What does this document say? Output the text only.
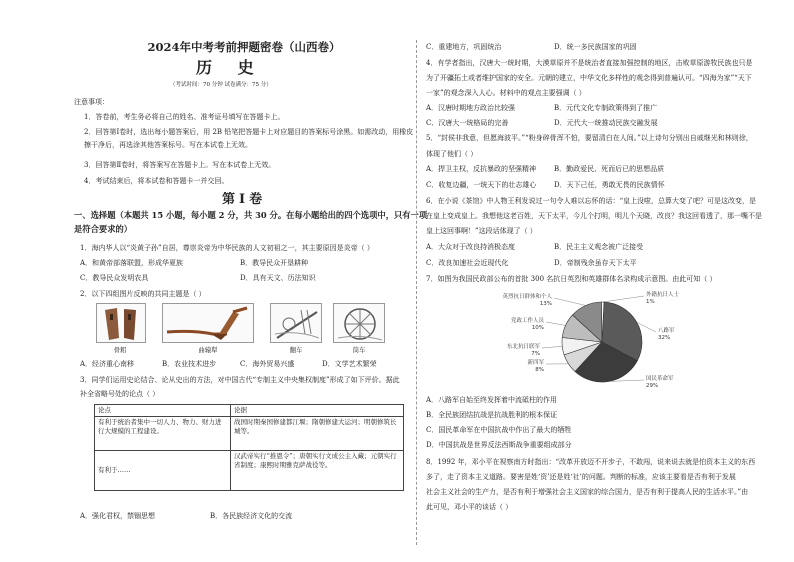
2024年中考考前押题密卷（山西卷）
历 史
（考试时间：70 分钟 试卷满分：75 分）
注意事项：
1．答卷前，考生务必将自己的姓名、准考证号填写在答题卡上。
2．回答第Ⅰ卷时，选出每小题答案后，用 2B 铅笔把答题卡上对应题目的答案标号涂黑。如需改动，用橡皮
擦干净后，再选涂其他答案标号。写在本试卷上无效。
3．回答第Ⅱ卷时，将答案写在答题卡上。写在本试卷上无效。
4．考试结束后，将本试卷和答题卡一并交回。
第Ⅰ卷
一、选择题（本题共 15 小题，每小题 2 分，共 30 分。在每小题给出的四个选项中，只有一项
是符合要求的）
1．海内华人以“炎黄子孙”自居，尊崇炎帝为中华民族的人文初祖之一，其主要原因是炎帝（ ）
A．和黄帝部落联盟，形成华夏族	B．教导民众开垦耕种
C．教导民众发明农具	D．具有天文、历法知识
2．以下四组图片反映的共同主题是（ ）
骨耜	曲辕犁	翻车	筒车
A．经济重心南移	B．农业技术进步	C．海外贸易兴盛	D．文学艺术繁荣
3．同学们运用史论结合、论从史出的方法，对中国古代“专制主义中央集权制度”形成了如下评价。据此
补全省略号处的论点（ ）
论点	论据
有利于统治者集中一切人力、物力、财力进行大规模的工程建设。	战国时期秦国修建都江堰；隋朝修建大运河；明朝修筑长城等。
有利于……	汉武帝实行“推恩令”；唐朝实行文成公主入藏；元朝实行省制度；康熙时期雅克萨战役等。
A．强化君权，禁锢思想	B．各民族经济文化的交流
C．重建地方，巩固统治	D．统一多民族国家的巩固
4．有学者指出，汉唐大一统时期，大漠草原并不是统治者直接加强控制的地区，击败草原游牧民族也只是
为了开疆拓土或者维护国家的安全。元朝的建立，中华文化多样性的观念得到普遍认可。“四海为家”“天下
一家”的观念深入人心。材料中的观点主要强调（ ）
A．汉唐时期地方政治比较强	B．元代文化专制政策得到了推广
C．汉唐大一统格局的完善	D．元代大一统推动民族交融发展
5．“封侯非我意，但愿海波平。”“粉身碎骨浑不怕，要留清白在人间。”以上诗句分别出自戚继光和林则徐，
体现了他们（ ）
A．捍卫主权，反抗暴政的坚强精神	B．勤政爱民、死而后已的思想品质
C．收复边疆，一统天下的壮志雄心	D．天下己任，勇敢无畏的民族情怀
6．在小说《茶馆》中人物王利发说过一句令人难以忘怀的话：“皇上没啦，总算大变了吧？可是这改变，是
在皇上变成皇上。我想他这老百姓，天下太平，今儿个打明，明儿个天晓，改良？我这回看透了，那一嘴不是
皇上这回事啊！”这段话体现了（ ）
A．大众对于改良持消极态度	B．民主主义观念被广泛接受
C．改良加速社会近现代化	D．帝制残余虽存天下太平
7．如图为我国民政部公布的首批 300 名抗日英烈和英雄群体名录构成示意图。由此可知（ ）
八路军
32%
国民革命军
29%
新四军
8%
东北抗日联军
7%
党政工作人员
10%
英烈抗日群体和个人
13%
外籍抗日人士
1%
A．八路军自始至终发挥着中流砥柱的作用
B．全民族团结抗战是抗战胜利的根本保证
C．国民革命军在中国抗战中作出了最大的牺牲
D．中国抗战是世界反法西斯战争重要组成部分
8．1992 年，邓小平在视察南方时指出：“改革开放迈不开步子，不敢闯，说来说去就是怕资本主义的东西
多了，走了资本主义道路。要害是姓‘资’还是姓‘社’的问题。判断的标准，应该主要看是否有利于发展
社会主义社会的生产力，是否有利于增强社会主义国家的综合国力，是否有利于提高人民的生活水平。”由
此可见，邓小平的谈话（ ）
